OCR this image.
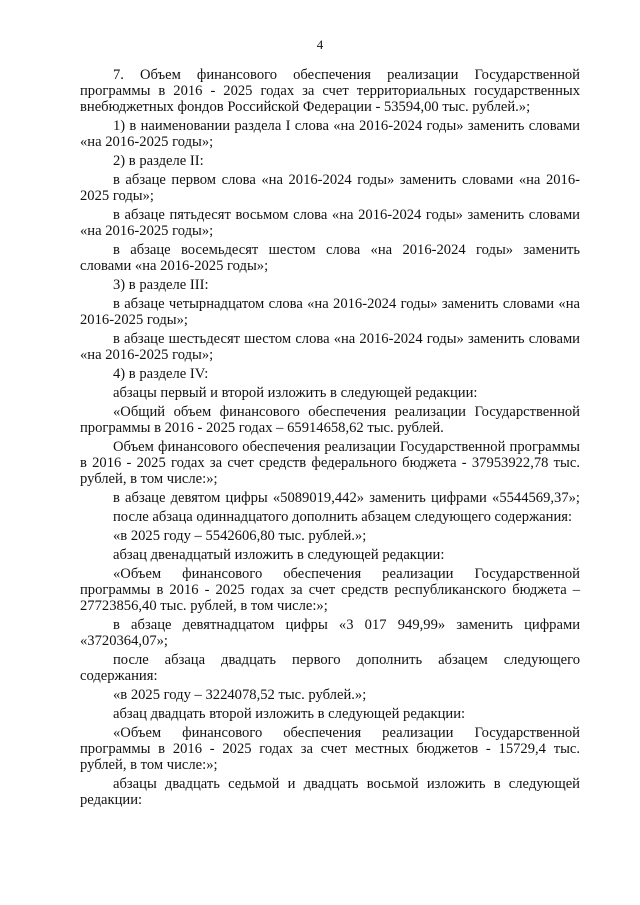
4

7. Объем финансового обеспечения реализации Государственной программы в 2016 - 2025 годах за счет территориальных государственных внебюджетных фондов Российской Федерации - 53594,00 тыс. рублей.»;

1) в наименовании раздела I слова «на 2016-2024 годы» заменить словами «на 2016-2025 годы»;

2) в разделе II:

в абзаце первом слова «на 2016-2024 годы» заменить словами «на 2016-2025 годы»;

в абзаце пятьдесят восьмом слова «на 2016-2024 годы» заменить словами «на 2016-2025 годы»;

в абзаце восемьдесят шестом слова «на 2016-2024 годы» заменить словами «на 2016-2025 годы»;

3) в разделе III:

в абзаце четырнадцатом слова «на 2016-2024 годы» заменить словами «на 2016-2025 годы»;

в абзаце шестьдесят шестом слова «на 2016-2024 годы» заменить словами «на 2016-2025 годы»;

4) в разделе IV:

абзацы первый и второй изложить в следующей редакции:

«Общий объем финансового обеспечения реализации Государственной программы в 2016 - 2025 годах – 65914658,62 тыс. рублей.

Объем финансового обеспечения реализации Государственной программы в 2016 - 2025 годах за счет средств федерального бюджета - 37953922,78 тыс. рублей, в том числе:»;

в абзаце девятом цифры «5089019,442» заменить цифрами «5544569,37»;

после абзаца одиннадцатого дополнить абзацем следующего содержания:

«в 2025 году – 5542606,80 тыс. рублей.»;

абзац двенадцатый изложить в следующей редакции:

«Объем финансового обеспечения реализации Государственной программы в 2016 - 2025 годах за счет средств республиканского бюджета – 27723856,40 тыс. рублей, в том числе:»;

в абзаце девятнадцатом цифры «3 017 949,99» заменить цифрами «3720364,07»;

после абзаца двадцать первого дополнить абзацем следующего содержания:

«в 2025 году – 3224078,52 тыс. рублей.»;

абзац двадцать второй изложить в следующей редакции:

«Объем финансового обеспечения реализации Государственной программы в 2016 - 2025 годах за счет местных бюджетов - 15729,4 тыс. рублей, в том числе:»;

абзацы двадцать седьмой и двадцать восьмой изложить в следующей редакции:
